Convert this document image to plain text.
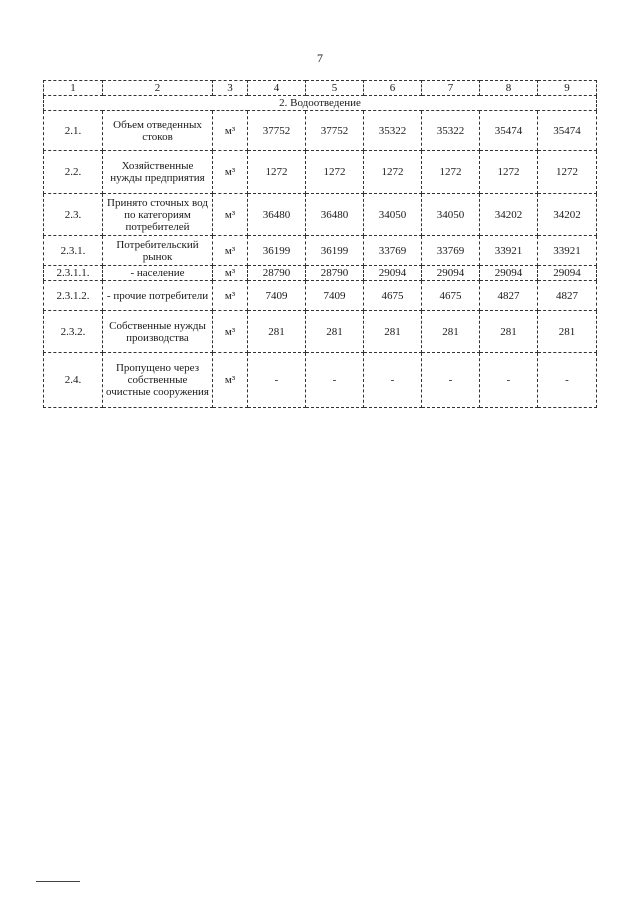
7
1	2	3	4	5	6	7	8	9
2. Водоотведение								
2.1.	Объем отведенных стоков	м³	37752	37752	35322	35322	35474	35474
2.2.	Хозяйственные нужды предприятия	м³	1272	1272	1272	1272	1272	1272
2.3.	Принято сточных вод по категориям потребителей	м³	36480	36480	34050	34050	34202	34202
2.3.1.	Потребительский рынок	м³	36199	36199	33769	33769	33921	33921
2.3.1.1.	- население	м³	28790	28790	29094	29094	29094	29094
2.3.1.2.	- прочие потребители	м³	7409	7409	4675	4675	4827	4827
2.3.2.	Собственные нужды производства	м³	281	281	281	281	281	281
2.4.	Пропущено через собственные очистные сооружения	м³	-	-	-	-	-	-
